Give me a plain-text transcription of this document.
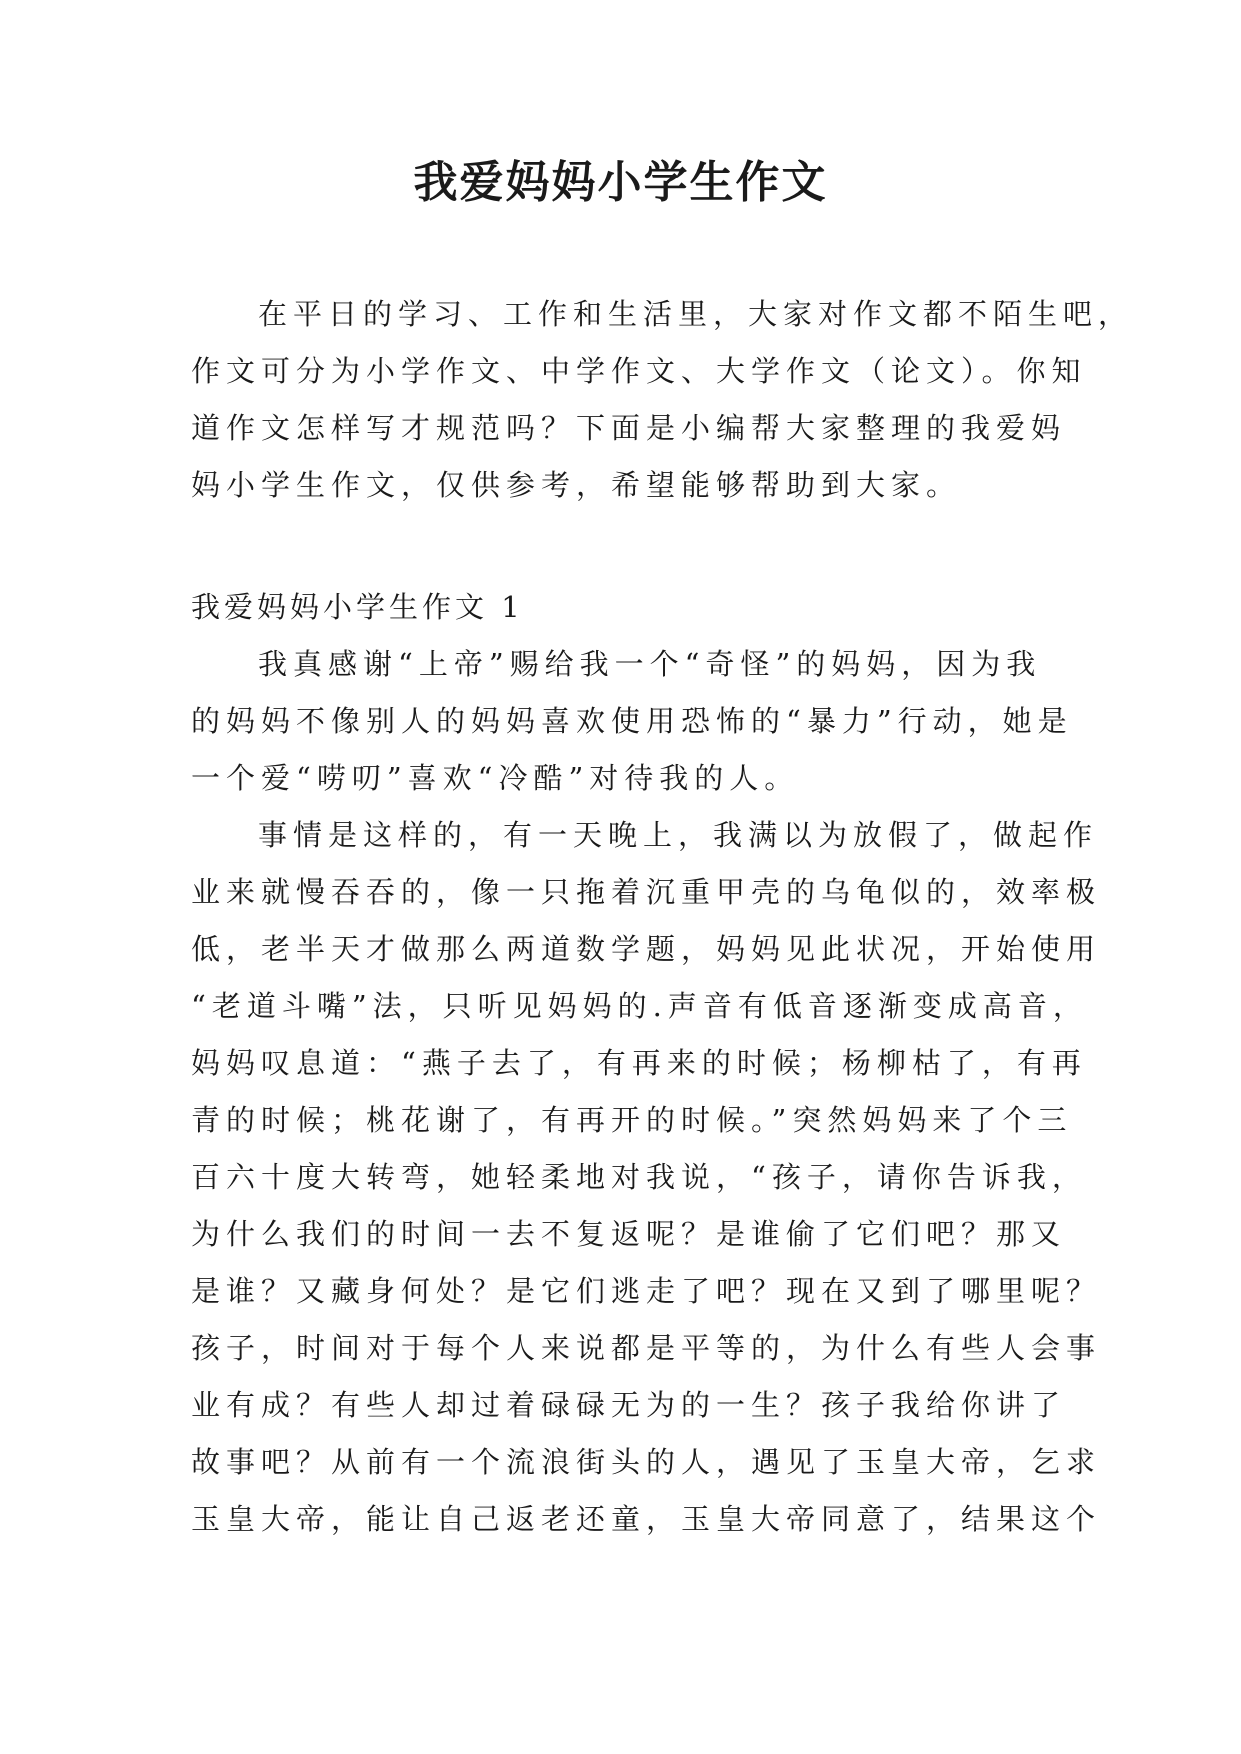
我爱妈妈小学生作文
在平日的学习、工作和生活里，大家对作文都不陌生吧，
作文可分为小学作文、中学作文、大学作文（论文）。你知
道作文怎样写才规范吗？下面是小编帮大家整理的我爱妈
妈小学生作文，仅供参考，希望能够帮助到大家。
我爱妈妈小学生作文 1
我真感谢“上帝”赐给我一个“奇怪”的妈妈，因为我
的妈妈不像别人的妈妈喜欢使用恐怖的“暴力”行动，她是
一个爱“唠叨”喜欢“冷酷”对待我的人。
事情是这样的，有一天晚上，我满以为放假了，做起作
业来就慢吞吞的，像一只拖着沉重甲壳的乌龟似的，效率极
低，老半天才做那么两道数学题，妈妈见此状况，开始使用
“老道斗嘴”法，只听见妈妈的.声音有低音逐渐变成高音，
妈妈叹息道：“燕子去了，有再来的时候；杨柳枯了，有再
青的时候；桃花谢了，有再开的时候。”突然妈妈来了个三
百六十度大转弯，她轻柔地对我说，“孩子，请你告诉我，
为什么我们的时间一去不复返呢？是谁偷了它们吧？那又
是谁？又藏身何处？是它们逃走了吧？现在又到了哪里呢？
孩子，时间对于每个人来说都是平等的，为什么有些人会事
业有成？有些人却过着碌碌无为的一生？孩子我给你讲了
故事吧？从前有一个流浪街头的人，遇见了玉皇大帝，乞求
玉皇大帝，能让自己返老还童，玉皇大帝同意了，结果这个
